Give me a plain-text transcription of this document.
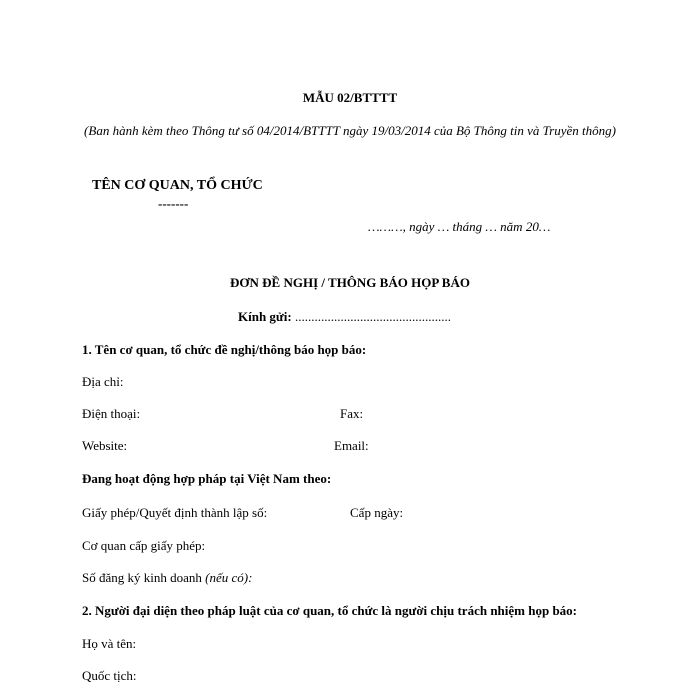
MẪU 02/BTTTT
(Ban hành kèm theo Thông tư số 04/2014/BTTTT ngày 19/03/2014 của Bộ Thông tin và Truyền thông)
TÊN CƠ QUAN, TỔ CHỨC
-------
………, ngày … tháng … năm 20…
ĐƠN ĐỀ NGHỊ / THÔNG BÁO HỌP BÁO
Kính gửi: ................................................
1. Tên cơ quan, tổ chức đề nghị/thông báo họp báo:
Địa chỉ:
Điện thoại:	Fax:
Website:	Email:
Đang hoạt động hợp pháp tại Việt Nam theo:
Giấy phép/Quyết định thành lập số:	Cấp ngày:
Cơ quan cấp giấy phép:
Số đăng ký kinh doanh (nếu có):
2. Người đại diện theo pháp luật của cơ quan, tổ chức là người chịu trách nhiệm họp báo:
Họ và tên:
Quốc tịch:
